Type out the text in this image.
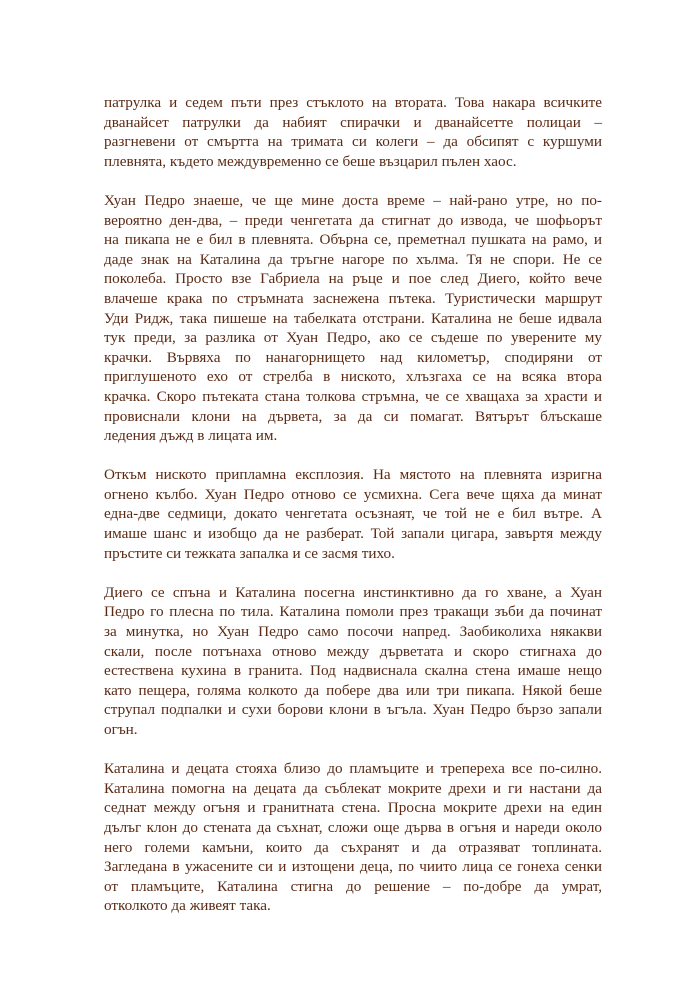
патрулка и седем пъти през стъклото на втората. Това накара всичките
дванайсет патрулки да набият спирачки и дванайсетте полицаи –
разгневени от смъртта на тримата си колеги – да обсипят с куршуми
плевнята, където междувременно се беше възцарил пълен хаос.

Хуан Педро знаеше, че ще мине доста време – най-рано утре, но по-
вероятно ден-два, – преди ченгетата да стигнат до извода, че шофьорът
на пикапа не е бил в плевнята. Обърна се, преметнал пушката на рамо, и
даде знак на Каталина да тръгне нагоре по хълма. Тя не спори. Не се
поколеба. Просто взе Габриела на ръце и пое след Диего, който вече
влачеше крака по стръмната заснежена пътека. Туристически маршрут
Уди Ридж, така пишеше на табелката отстрани. Каталина не беше идвала
тук преди, за разлика от Хуан Педро, ако се съдеше по уверените му
крачки. Вървяха по нанагорнището над километър, сподиряни от
приглушеното ехо от стрелба в ниското, хлъзгаха се на всяка втора
крачка. Скоро пътеката стана толкова стръмна, че се хващаха за храсти и
провиснали клони на дървета, за да си помагат. Вятърът блъскаше
ледения дъжд в лицата им.

Откъм ниското припламна експлозия. На мястото на плевнята изригна
огнено кълбо. Хуан Педро отново се усмихна. Сега вече щяха да минат
една-две седмици, докато ченгетата осъзнаят, че той не е бил вътре. А
имаше шанс и изобщо да не разберат. Той запали цигара, завъртя между
пръстите си тежката запалка и се засмя тихо.

Диего се спъна и Каталина посегна инстинктивно да го хване, а Хуан
Педро го плесна по тила. Каталина помоли през тракащи зъби да починат
за минутка, но Хуан Педро само посочи напред. Заобиколиха някакви
скали, после потънаха отново между дърветата и скоро стигнаха до
естествена кухина в гранита. Под надвиснала скална стена имаше нещо
като пещера, голяма колкото да побере два или три пикапа. Някой беше
струпал подпалки и сухи борови клони в ъгъла. Хуан Педро бързо запали
огън.

Каталина и децата стояха близо до пламъците и трепереха все по-силно.
Каталина помогна на децата да съблекат мокрите дрехи и ги настани да
седнат между огъня и гранитната стена. Просна мокрите дрехи на един
дълъг клон до стената да съхнат, сложи още дърва в огъня и нареди около
него големи камъни, които да съхранят и да отразяват топлината.
Загледана в ужасените си и изтощени деца, по чиито лица се гонеха сенки
от пламъците, Каталина стигна до решение – по-добре да умрат,
отколкото да живеят така.
